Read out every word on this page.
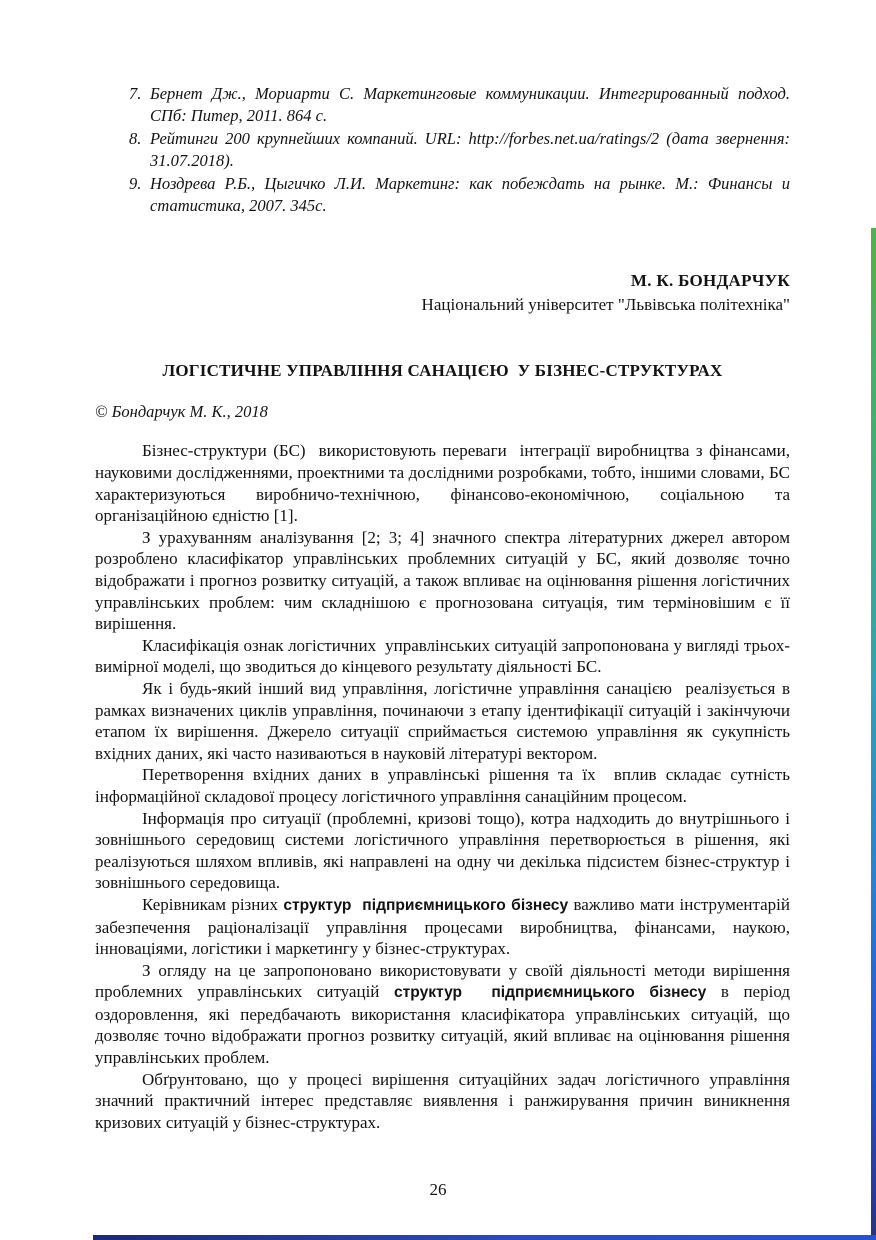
7. Бернет Дж., Мориарти С. Маркетинговые коммуникации. Интегрированный подход. СПб: Питер, 2011. 864 с.
8. Рейтинги 200 крупнейших компаний. URL: http://forbes.net.ua/ratings/2 (дата звернення: 31.07.2018).
9. Ноздрева Р.Б., Цыгичко Л.И. Маркетинг: как побеждать на рынке. М.: Финансы и статистика, 2007. 345с.
М. К. БОНДАРЧУК
Національний університет "Львівська політехніка"
ЛОГІСТИЧНЕ УПРАВЛІННЯ САНАЦІЄЮ  У БІЗНЕС-СТРУКТУРАХ
© Бондарчук М. К., 2018

Бізнес-структури (БС)  використовують переваги  інтеграції виробництва з фінансами, науковими дослідженнями, проектними та дослідними розробками, тобто, іншими словами, БС характеризуються виробничо-технічною, фінансово-економічною, соціальною та організаційною єдністю [1].

З урахуванням аналізування [2; 3; 4] значного спектра літературних джерел автором розроблено класифікатор управлінських проблемних ситуацій у БС, який дозволяє точно відображати і прогноз розвитку ситуацій, а також впливає на оцінювання рішення логістичних управлінських проблем: чим складнішою є прогнозована ситуація, тим терміновішим є її вирішення.

Класифікація ознак логістичних  управлінських ситуацій запропонована у вигляді трьох-вимірної моделі, що зводиться до кінцевого результату діяльності БС.

Як і будь-який інший вид управління, логістичне управління санацією  реалізується в рамках визначених циклів управління, починаючи з етапу ідентифікації ситуацій і закінчуючи етапом їх вирішення. Джерело ситуації сприймається системою управління як сукупність вхідних даних, які часто називаються в науковій літературі вектором.

Перетворення вхідних даних в управлінські рішення та їх  вплив складає сутність інформаційної складової процесу логістичного управління санаційним процесом.

Інформація про ситуації (проблемні, кризові тощо), котра надходить до внутрішнього і зовнішнього середовищ системи логістичного управління перетворюється в рішення, які реалізуються шляхом впливів, які направлені на одну чи декілька підсистем бізнес-структур і зовнішнього середовища.

Керівникам різних структур  підприємницького бізнесу важливо мати інструментарій забезпечення раціоналізації управління процесами виробництва, фінансами, наукою, інноваціями, логістики і маркетингу у бізнес-структурах.

З огляду на це запропоновано використовувати у своїй діяльності методи вирішення проблемних управлінських ситуацій структур  підприємницького бізнесу в період оздоровлення, які передбачають використання класифікатора управлінських ситуацій, що дозволяє точно відображати прогноз розвитку ситуацій, який впливає на оцінювання рішення управлінських проблем.

Обґрунтовано, що у процесі вирішення ситуаційних задач логістичного управління значний практичний інтерес представляє виявлення і ранжирування причин виникнення кризових ситуацій у бізнес-структурах.

26
